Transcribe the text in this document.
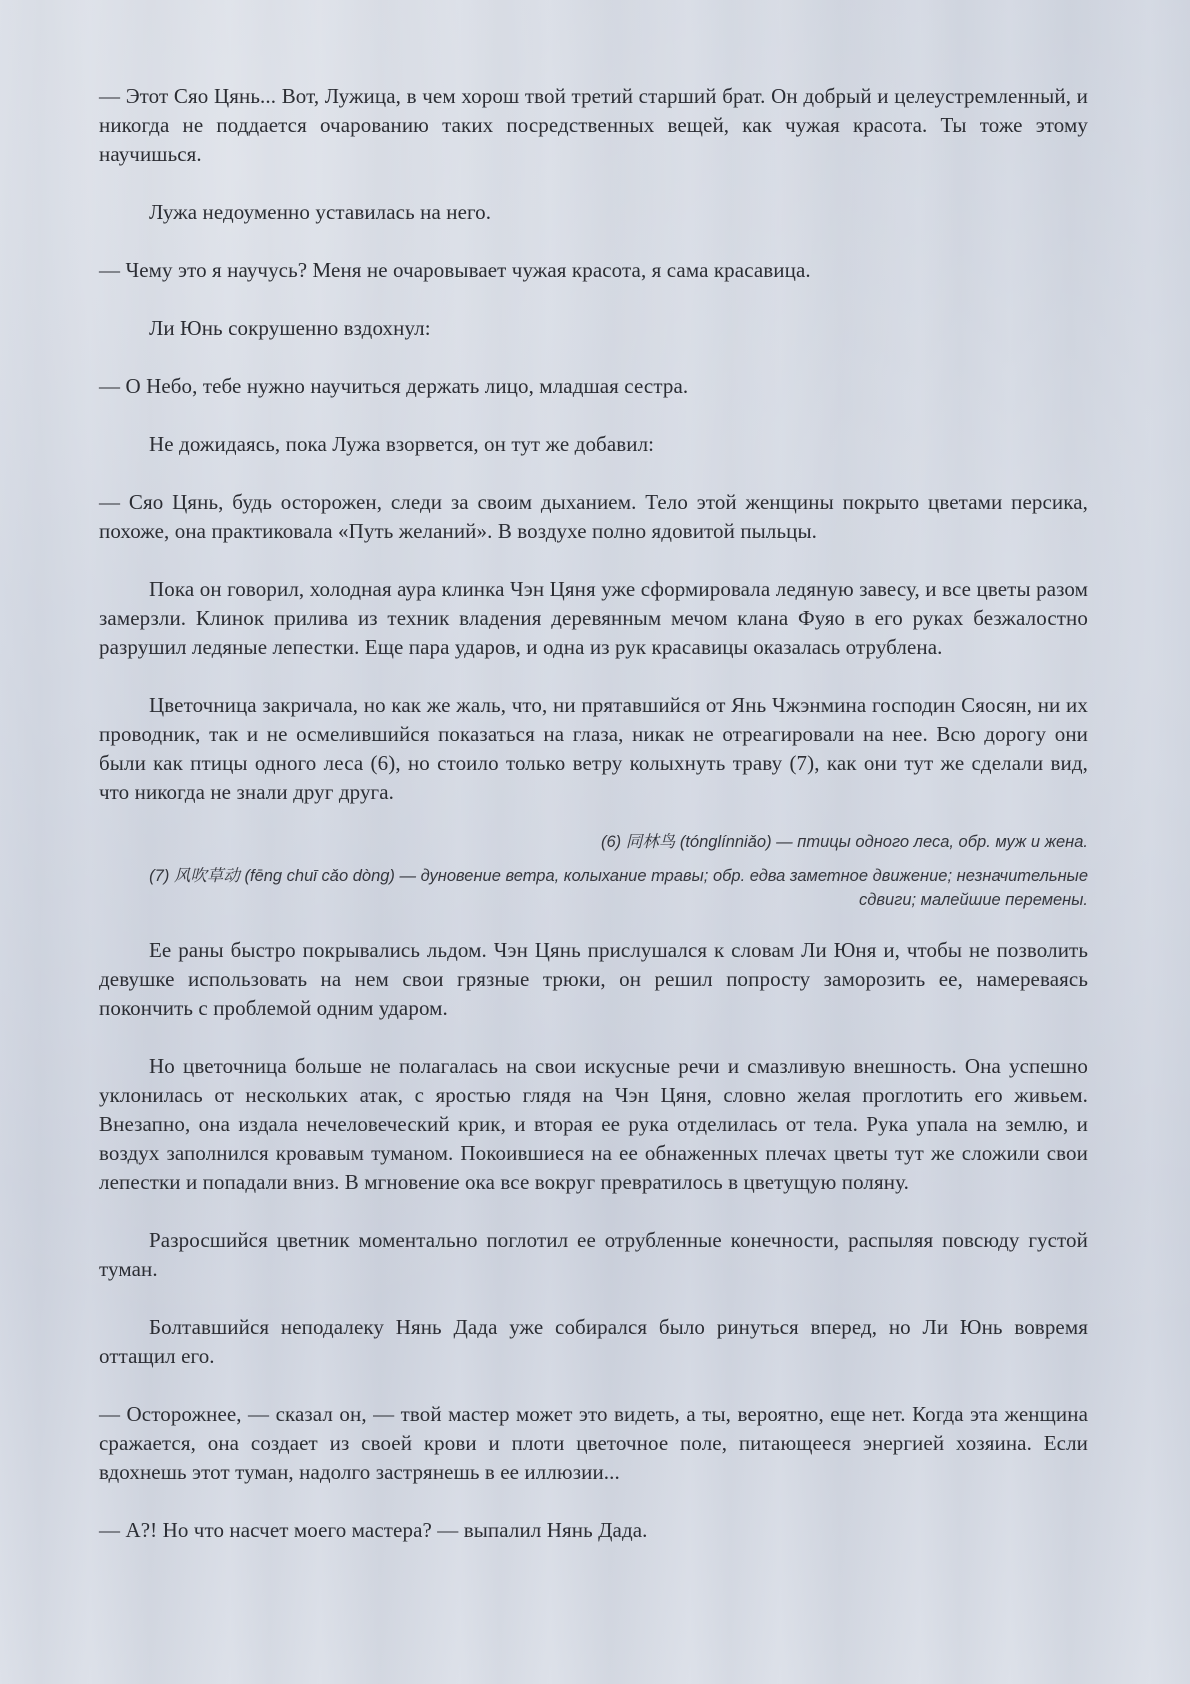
— Этот Сяо Цянь... Вот, Лужица, в чем хорош твой третий старший брат. Он добрый и целеустремленный, и никогда не поддается очарованию таких посредственных вещей, как чужая красота. Ты тоже этому научишься.

Лужа недоуменно уставилась на него.

— Чему это я научусь? Меня не очаровывает чужая красота, я сама красавица.

Ли Юнь сокрушенно вздохнул:

— О Небо, тебе нужно научиться держать лицо, младшая сестра.

Не дожидаясь, пока Лужа взорвется, он тут же добавил:

— Сяо Цянь, будь осторожен, следи за своим дыханием. Тело этой женщины покрыто цветами персика, похоже, она практиковала «Путь желаний». В воздухе полно ядовитой пыльцы.

Пока он говорил, холодная аура клинка Чэн Цяня уже сформировала ледяную завесу, и все цветы разом замерзли. Клинок прилива из техник владения деревянным мечом клана Фуяо в его руках безжалостно разрушил ледяные лепестки. Еще пара ударов, и одна из рук красавицы оказалась отрублена.

Цветочница закричала, но как же жаль, что, ни прятавшийся от Янь Чжэнмина господин Сяосян, ни их проводник, так и не осмелившийся показаться на глаза, никак не отреагировали на нее. Всю дорогу они были как птицы одного леса (6), но стоило только ветру колыхнуть траву (7), как они тут же сделали вид, что никогда не знали друг друга.

(6) 同林鸟 (tónglínniǎo) — птицы одного леса, обр. муж и жена.

(7) 风吹草动 (fēng chuī cǎo dòng) — дуновение ветра, колыхание травы; обр. едва заметное движение; незначительные сдвиги; малейшие перемены.

Ее раны быстро покрывались льдом. Чэн Цянь прислушался к словам Ли Юня и, чтобы не позволить девушке использовать на нем свои грязные трюки, он решил попросту заморозить ее, намереваясь покончить с проблемой одним ударом.

Но цветочница больше не полагалась на свои искусные речи и смазливую внешность. Она успешно уклонилась от нескольких атак, с яростью глядя на Чэн Цяня, словно желая проглотить его живьем. Внезапно, она издала нечеловеческий крик, и вторая ее рука отделилась от тела. Рука упала на землю, и воздух заполнился кровавым туманом. Покоившиеся на ее обнаженных плечах цветы тут же сложили свои лепестки и попадали вниз. В мгновение ока все вокруг превратилось в цветущую поляну.

Разросшийся цветник моментально поглотил ее отрубленные конечности, распыляя повсюду густой туман.

Болтавшийся неподалеку Нянь Дада уже собирался было ринуться вперед, но Ли Юнь вовремя оттащил его.

— Осторожнее, — сказал он, — твой мастер может это видеть, а ты, вероятно, еще нет. Когда эта женщина сражается, она создает из своей крови и плоти цветочное поле, питающееся энергией хозяина. Если вдохнешь этот туман, надолго застрянешь в ее иллюзии...

— А?! Но что насчет моего мастера? — выпалил Нянь Дада.
